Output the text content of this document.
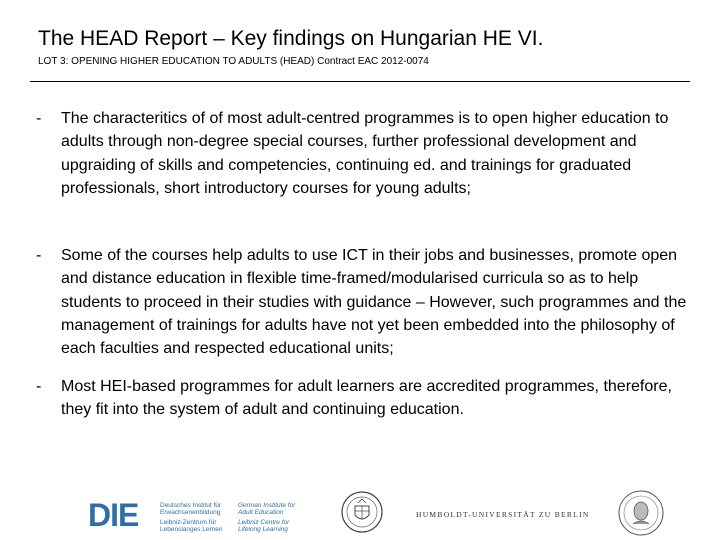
The HEAD Report – Key findings on Hungarian HE VI.
LOT 3: OPENING HIGHER EDUCATION TO ADULTS (HEAD) Contract EAC 2012-0074
-	The characteritics of of most adult-centred programmes is to open higher education to adults through non-degree special courses, further professional development and upgraiding of skills and competencies, continuing ed. and trainings for graduated professionals, short introductory courses for young adults;
-	Some of the courses help adults to use ICT in their jobs and businesses, promote open and distance education in flexible time-framed/modularised curricula so as to help students to proceed in their studies with guidance – However, such programmes and the management of trainings for adults have not yet been embedded into the philosophy of each faculties and respected educational units;
-	Most HEI-based programmes for adult learners are accredited programmes, therefore, they fit into the system of adult and continuing education.
DIE	Deutsches Institut für
Erwachsenenbildung
Leibniz-Zentrum für
Lebenslanges Lernen
German Institute for
Adult Education
Leibniz Centre for
Lifelong Learning
HUMBOLDT-UNIVERSITÄT ZU BERLIN
